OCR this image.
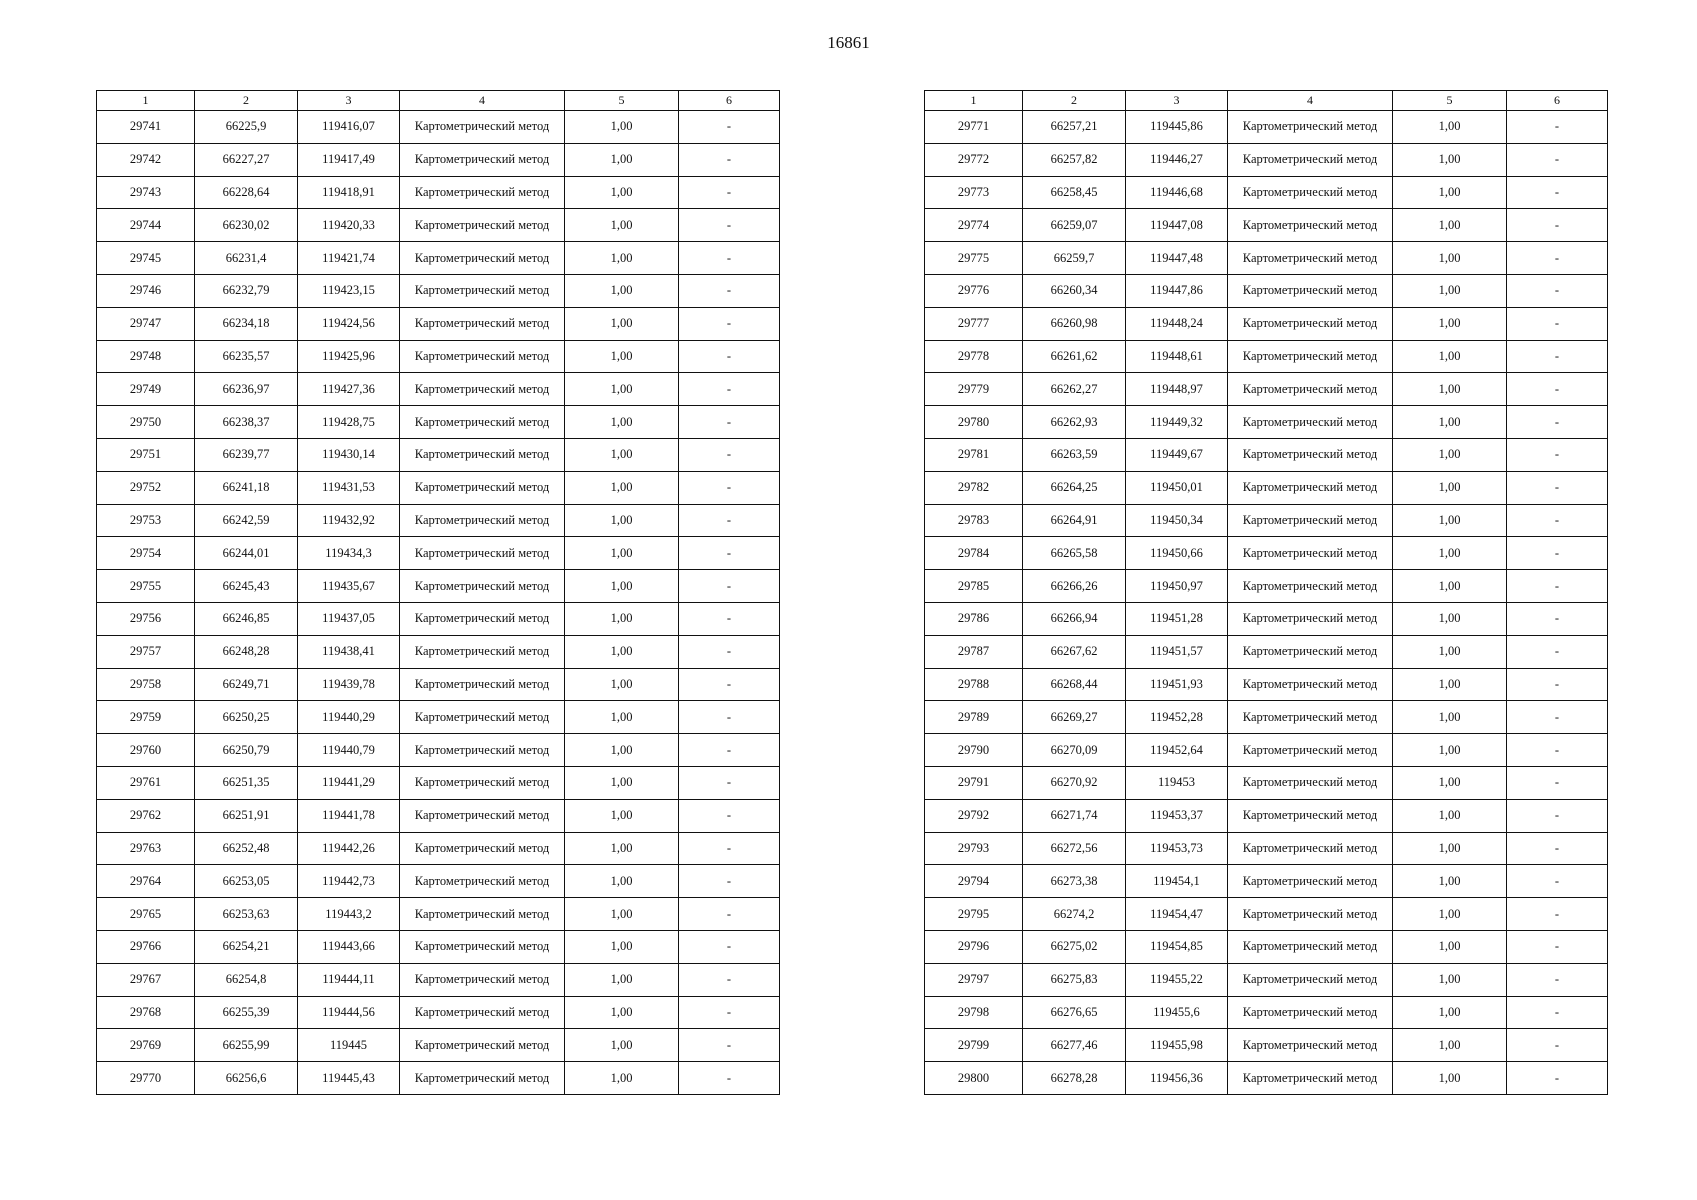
16861
1	2	3	4	5	6
29741	66225,9	119416,07	Картометрический метод	1,00	-
29742	66227,27	119417,49	Картометрический метод	1,00	-
29743	66228,64	119418,91	Картометрический метод	1,00	-
29744	66230,02	119420,33	Картометрический метод	1,00	-
29745	66231,4	119421,74	Картометрический метод	1,00	-
29746	66232,79	119423,15	Картометрический метод	1,00	-
29747	66234,18	119424,56	Картометрический метод	1,00	-
29748	66235,57	119425,96	Картометрический метод	1,00	-
29749	66236,97	119427,36	Картометрический метод	1,00	-
29750	66238,37	119428,75	Картометрический метод	1,00	-
29751	66239,77	119430,14	Картометрический метод	1,00	-
29752	66241,18	119431,53	Картометрический метод	1,00	-
29753	66242,59	119432,92	Картометрический метод	1,00	-
29754	66244,01	119434,3	Картометрический метод	1,00	-
29755	66245,43	119435,67	Картометрический метод	1,00	-
29756	66246,85	119437,05	Картометрический метод	1,00	-
29757	66248,28	119438,41	Картометрический метод	1,00	-
29758	66249,71	119439,78	Картометрический метод	1,00	-
29759	66250,25	119440,29	Картометрический метод	1,00	-
29760	66250,79	119440,79	Картометрический метод	1,00	-
29761	66251,35	119441,29	Картометрический метод	1,00	-
29762	66251,91	119441,78	Картометрический метод	1,00	-
29763	66252,48	119442,26	Картометрический метод	1,00	-
29764	66253,05	119442,73	Картометрический метод	1,00	-
29765	66253,63	119443,2	Картометрический метод	1,00	-
29766	66254,21	119443,66	Картометрический метод	1,00	-
29767	66254,8	119444,11	Картометрический метод	1,00	-
29768	66255,39	119444,56	Картометрический метод	1,00	-
29769	66255,99	119445	Картометрический метод	1,00	-
29770	66256,6	119445,43	Картометрический метод	1,00	-
1	2	3	4	5	6
29771	66257,21	119445,86	Картометрический метод	1,00	-
29772	66257,82	119446,27	Картометрический метод	1,00	-
29773	66258,45	119446,68	Картометрический метод	1,00	-
29774	66259,07	119447,08	Картометрический метод	1,00	-
29775	66259,7	119447,48	Картометрический метод	1,00	-
29776	66260,34	119447,86	Картометрический метод	1,00	-
29777	66260,98	119448,24	Картометрический метод	1,00	-
29778	66261,62	119448,61	Картометрический метод	1,00	-
29779	66262,27	119448,97	Картометрический метод	1,00	-
29780	66262,93	119449,32	Картометрический метод	1,00	-
29781	66263,59	119449,67	Картометрический метод	1,00	-
29782	66264,25	119450,01	Картометрический метод	1,00	-
29783	66264,91	119450,34	Картометрический метод	1,00	-
29784	66265,58	119450,66	Картометрический метод	1,00	-
29785	66266,26	119450,97	Картометрический метод	1,00	-
29786	66266,94	119451,28	Картометрический метод	1,00	-
29787	66267,62	119451,57	Картометрический метод	1,00	-
29788	66268,44	119451,93	Картометрический метод	1,00	-
29789	66269,27	119452,28	Картометрический метод	1,00	-
29790	66270,09	119452,64	Картометрический метод	1,00	-
29791	66270,92	119453	Картометрический метод	1,00	-
29792	66271,74	119453,37	Картометрический метод	1,00	-
29793	66272,56	119453,73	Картометрический метод	1,00	-
29794	66273,38	119454,1	Картометрический метод	1,00	-
29795	66274,2	119454,47	Картометрический метод	1,00	-
29796	66275,02	119454,85	Картометрический метод	1,00	-
29797	66275,83	119455,22	Картометрический метод	1,00	-
29798	66276,65	119455,6	Картометрический метод	1,00	-
29799	66277,46	119455,98	Картометрический метод	1,00	-
29800	66278,28	119456,36	Картометрический метод	1,00	-
